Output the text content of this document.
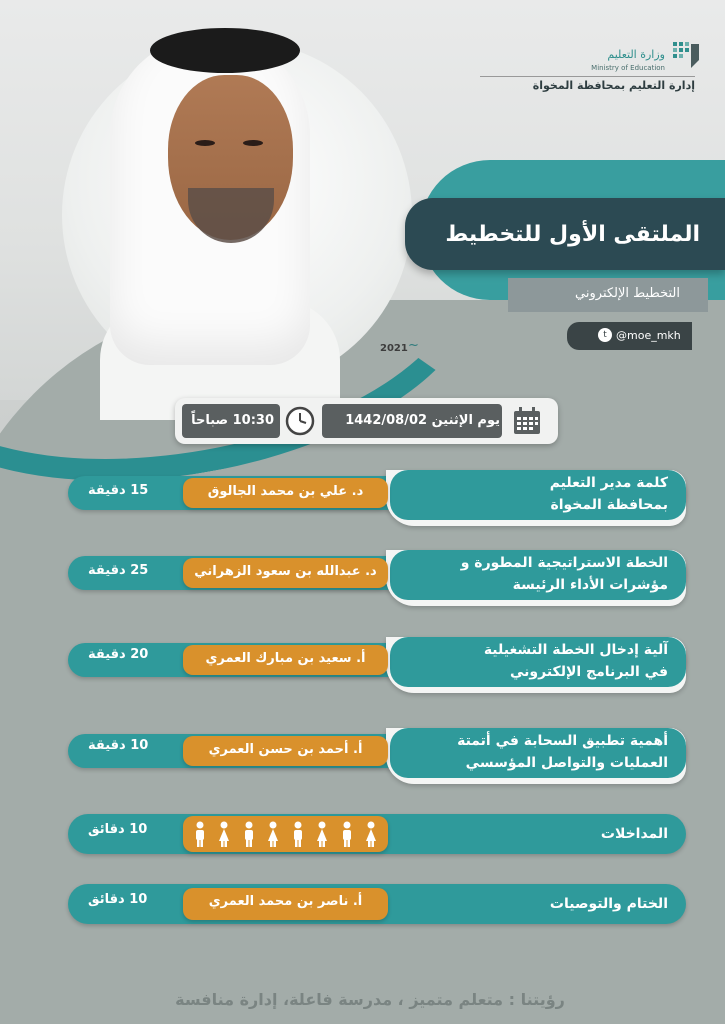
وزارة التعليم
Ministry of Education
إدارة التعليم بمحافظة المخواة
الملتقى الأول للتخطيط
التخطيط الإلكتروني
t @moe_mkh
2021 ~
يوم الإثنين 1442/08/02
10:30 صباحاً
كلمة مدير التعليم
بمحافظة المخواة
د. علي بن محمد الجالوق
15 دقيقة
الخطة الاستراتيجية المطورة و
مؤشرات الأداء الرئيسة
د. عبدالله بن سعود الزهراني
25 دقيقة
آلية إدخال الخطة التشغيلية
في البرنامج الإلكتروني
أ. سعيد بن مبارك العمري
20 دقيقة
أهمية تطبيق السحابة في أتمتة
العمليات والتواصل المؤسسي
أ. أحمد بن حسن العمري
10 دقيقة
المداخلات
10 دقائق
الختام والتوصيات
أ. ناصر بن محمد العمري
10 دقائق
رؤيتنا : متعلم متميز ، مدرسة فاعلة، إدارة منافسة
